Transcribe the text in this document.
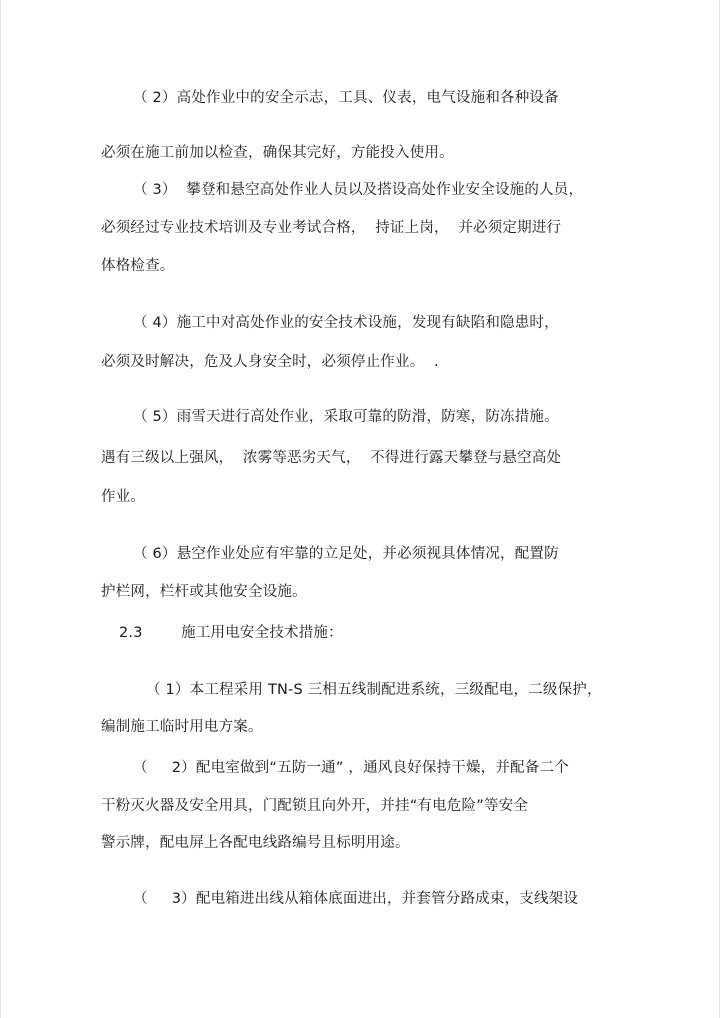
（ 2）高处作业中的安全示志，工具、仪表，电气设施和各种设备
必须在施工前加以检查，确保其完好，方能投入使用。
（ 3）  攀登和悬空高处作业人员以及搭设高处作业安全设施的人员，
必须经过专业技术培训及专业考试合格，  持证上岗，  并必须定期进行
体格检查。
（ 4）施工中对高处作业的安全技术设施，发现有缺陷和隐患时，
必须及时解决，危及人身安全时，必须停止作业。  .
（ 5）雨雪天进行高处作业，采取可靠的防滑，防寒，防冻措施。
遇有三级以上强风，  浓雾等恶劣天气，  不得进行露天攀登与悬空高处
作业。
（ 6）悬空作业处应有牢靠的立足处，并必须视具体情况，配置防
护栏网，栏杆或其他安全设施。
2.3        施工用电安全技术措施：
（ 1）本工程采用 TN-S 三相五线制配进系统，三级配电，二级保护，
编制施工临时用电方案。
（     2）配电室做到“五防一通” ，通风良好保持干燥，并配备二个
干粉灭火器及安全用具，门配锁且向外开，并挂“有电危险”等安全
警示牌，配电屏上各配电线路编号且标明用途。
（     3）配电箱进出线从箱体底面进出，并套管分路成束，支线架设
